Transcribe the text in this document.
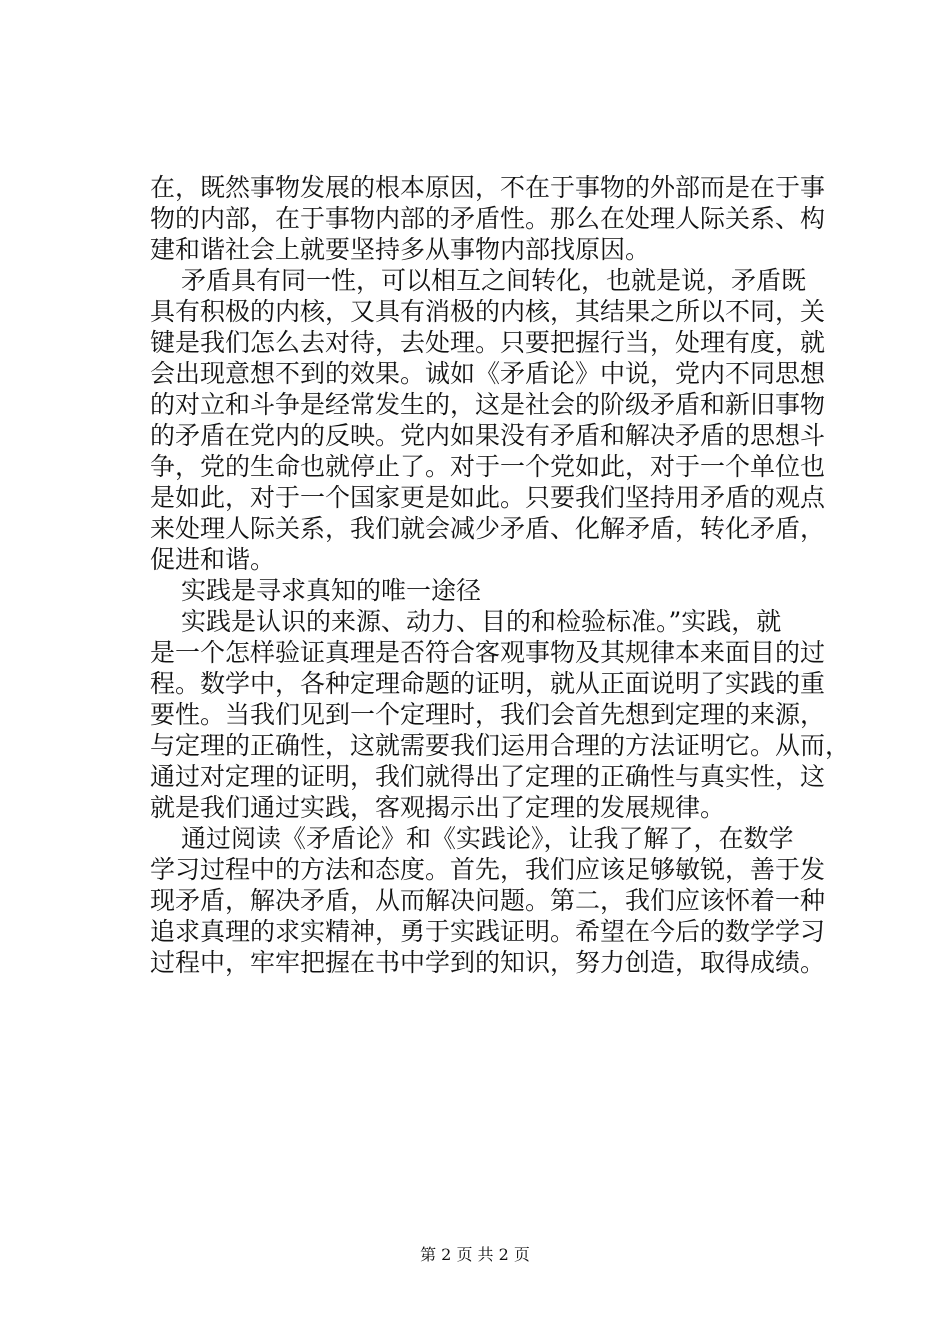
在，既然事物发展的根本原因，不在于事物的外部而是在于事
物的内部，在于事物内部的矛盾性。那么在处理人际关系、构
建和谐社会上就要坚持多从事物内部找原因。
矛盾具有同一性，可以相互之间转化，也就是说，矛盾既
具有积极的内核，又具有消极的内核，其结果之所以不同，关
键是我们怎么去对待，去处理。只要把握行当，处理有度，就
会出现意想不到的效果。诚如《矛盾论》中说，党内不同思想
的对立和斗争是经常发生的，这是社会的阶级矛盾和新旧事物
的矛盾在党内的反映。党内如果没有矛盾和解决矛盾的思想斗
争，党的生命也就停止了。对于一个党如此，对于一个单位也
是如此，对于一个国家更是如此。只要我们坚持用矛盾的观点
来处理人际关系，我们就会减少矛盾、化解矛盾，转化矛盾，
促进和谐。
实践是寻求真知的唯一途径
实践是认识的来源、动力、目的和检验标准。”实践，就
是一个怎样验证真理是否符合客观事物及其规律本来面目的过
程。数学中，各种定理命题的证明，就从正面说明了实践的重
要性。当我们见到一个定理时，我们会首先想到定理的来源，
与定理的正确性，这就需要我们运用合理的方法证明它。从而，
通过对定理的证明，我们就得出了定理的正确性与真实性，这
就是我们通过实践，客观揭示出了定理的发展规律。
通过阅读《矛盾论》和《实践论》，让我了解了，在数学
学习过程中的方法和态度。首先，我们应该足够敏锐，善于发
现矛盾，解决矛盾，从而解决问题。第二，我们应该怀着一种
追求真理的求实精神，勇于实践证明。希望在今后的数学学习
过程中，牢牢把握在书中学到的知识，努力创造，取得成绩。
第 2 页 共 2 页
